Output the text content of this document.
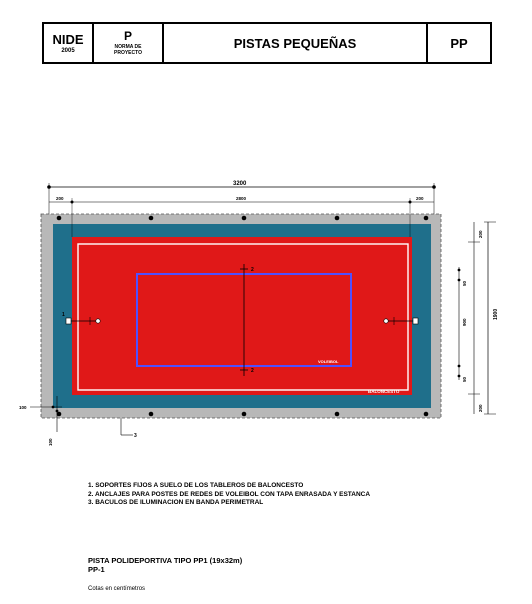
NIDE
2005
P
NORMA DE
PROYECTO
PISTAS PEQUEÑAS	PP
2
2
1
VOLEIBOL
BALONCESTO
3
3200
200	2800	200
1900
200
200
50
900
50
100
100
1. SOPORTES FIJOS A SUELO DE LOS TABLEROS DE BALONCESTO
2. ANCLAJES PARA POSTES DE REDES DE VOLEIBOL CON TAPA ENRASADA Y ESTANCA
3. BACULOS DE ILUMINACION EN BANDA PERIMETRAL
PISTA POLIDEPORTIVA TIPO PP1 (19x32m)
PP-1
Cotas en centímetros
